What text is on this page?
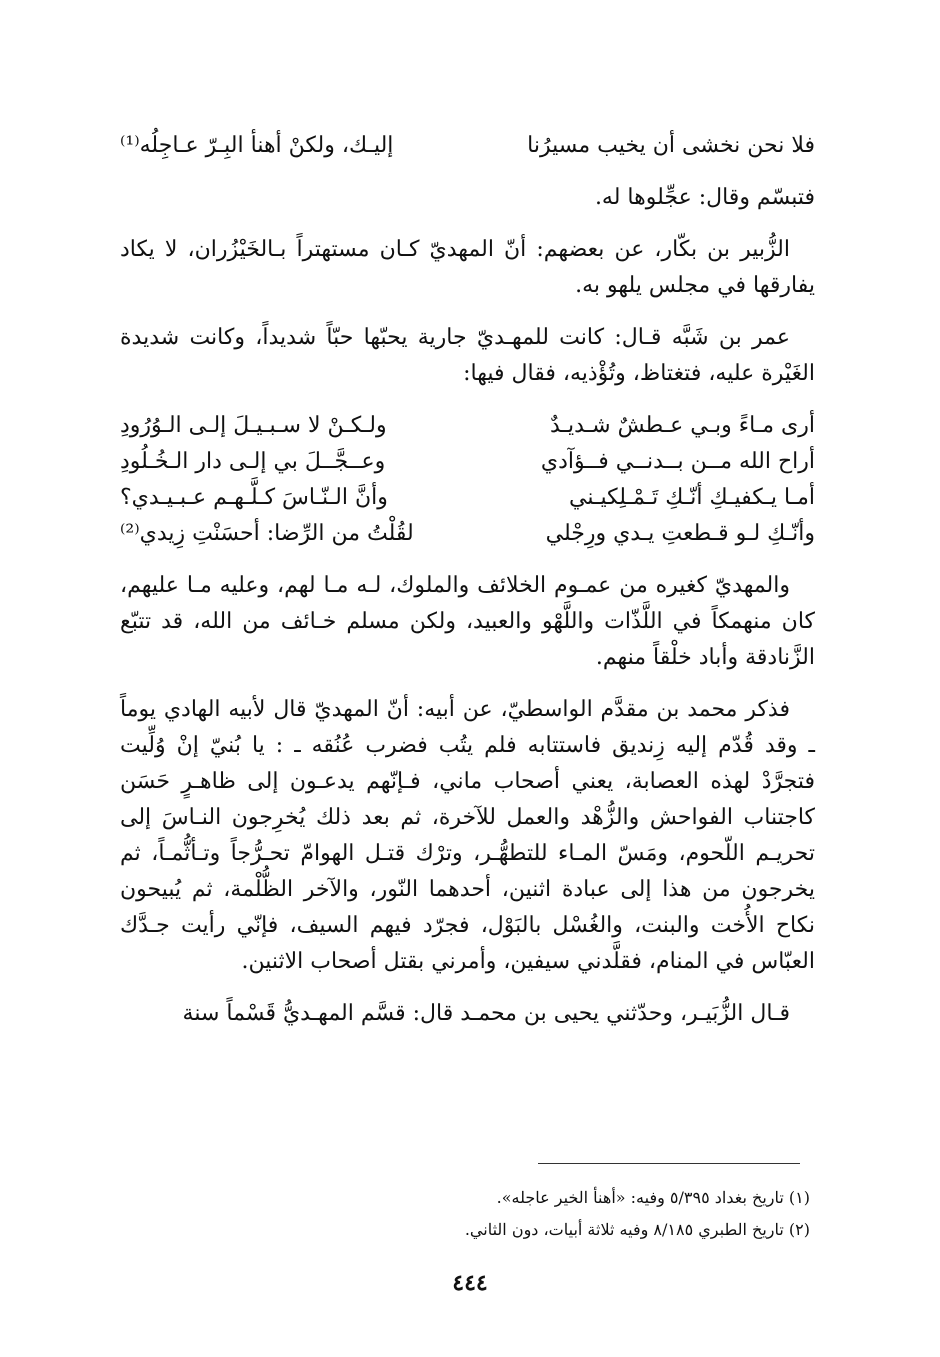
فلا نحن نخشى أن يخيب مسيرُنا
إليـك، ولكنْ أهنأ البِـرّ عـاجِلُه⁽¹⁾

فتبسّم وقال: عجِّلوها له.

الزُّبير بن بكّار، عن بعضهم: أنّ المهديّ كـان مستهتراً بـالخَيْزُران، لا يكاد يفارقها في مجلس يلهو به.

عمر بن شَبَّه قـال: كانت للمهـديّ جارية يحبّها حبّاً شديداً، وكانت شديدة الغَيْرة عليه، فتغتاظ، وتُؤْذيه، فقال فيها:

أرى مـاءً وبـي عـطشٌ شـديـدٌ
ولـكـنْ لا سـبـيـلَ إلـى الـوُرُودِ
أراح الله مــن بــدنــي فــؤآدي
وعــجَّــلَ بي إلـى دار الـخُـلُودِ
أمـا يـكفيـكِ أنّـكِ تَـمْـلِكيـني
وأنَّ الـنّـاسَ كـلَّـهـم عـبـيـدي؟
وأنّـكِ لـو قـطعتِ يـدي ورِجْلي
لقُلْتُ من الرِّضا: أحسَنْتِ زِيدي⁽²⁾

والمهديّ كغيره من عمـوم الخلائف والملوك، لـه مـا لهم، وعليه مـا عليهم، كان منهمكاً في اللَّذّات واللَّهْو والعبيد، ولكن مسلم خـائف من الله، قد تتبّع الزَّنادقة وأباد خلْقاً منهم.

فذكر محمد بن مقدَّم الواسطيّ، عن أبيه: أنّ المهديّ قال لأبيه الهادي يوماً ـ وقد قُدّم إليه زِنديق فاستتابه فلم يتُب فضرب عُنُقه ـ : يا بُنيّ إنْ وُلِّيت فتجرَّدْ لهذه العصابة، يعني أصحاب ماني، فـإنّهم يدعـون إلى ظاهـرٍ حَسَن كاجتناب الفواحش والزُّهْد والعمل للآخرة، ثم بعد ذلك يُخرِجون النـاسَ إلى تحريـم اللّحوم، ومَسّ المـاء للتطهُّـر، وترْك قتـل الهوامّ تحـرُّجاً وتـأثُّمـاً، ثم يخرجون من هذا إلى عبادة اثنين، أحدهما النّور، والآخر الظُّلْمة، ثم يُبيحون نكاح الأُخت والبنت، والغُسْل بالبَوْل، فجرّد فيهم السيف، فإنّي رأيت جـدَّك العبّاس في المنام، فقلَّدني سيفين، وأمرني بقتل أصحاب الاثنين.

قـال الزُّبَيـر، وحدّثني يحيى بن محمـد قال: قسَّم المهـديُّ قَسْماً سنة

(١) تاريخ بغداد ٥/٣٩٥ وفيه: «أهنأ الخير عاجله».
(٢) تاريخ الطبري ٨/١٨٥ وفيه ثلاثة أبيات، دون الثاني.
٤٤٤
